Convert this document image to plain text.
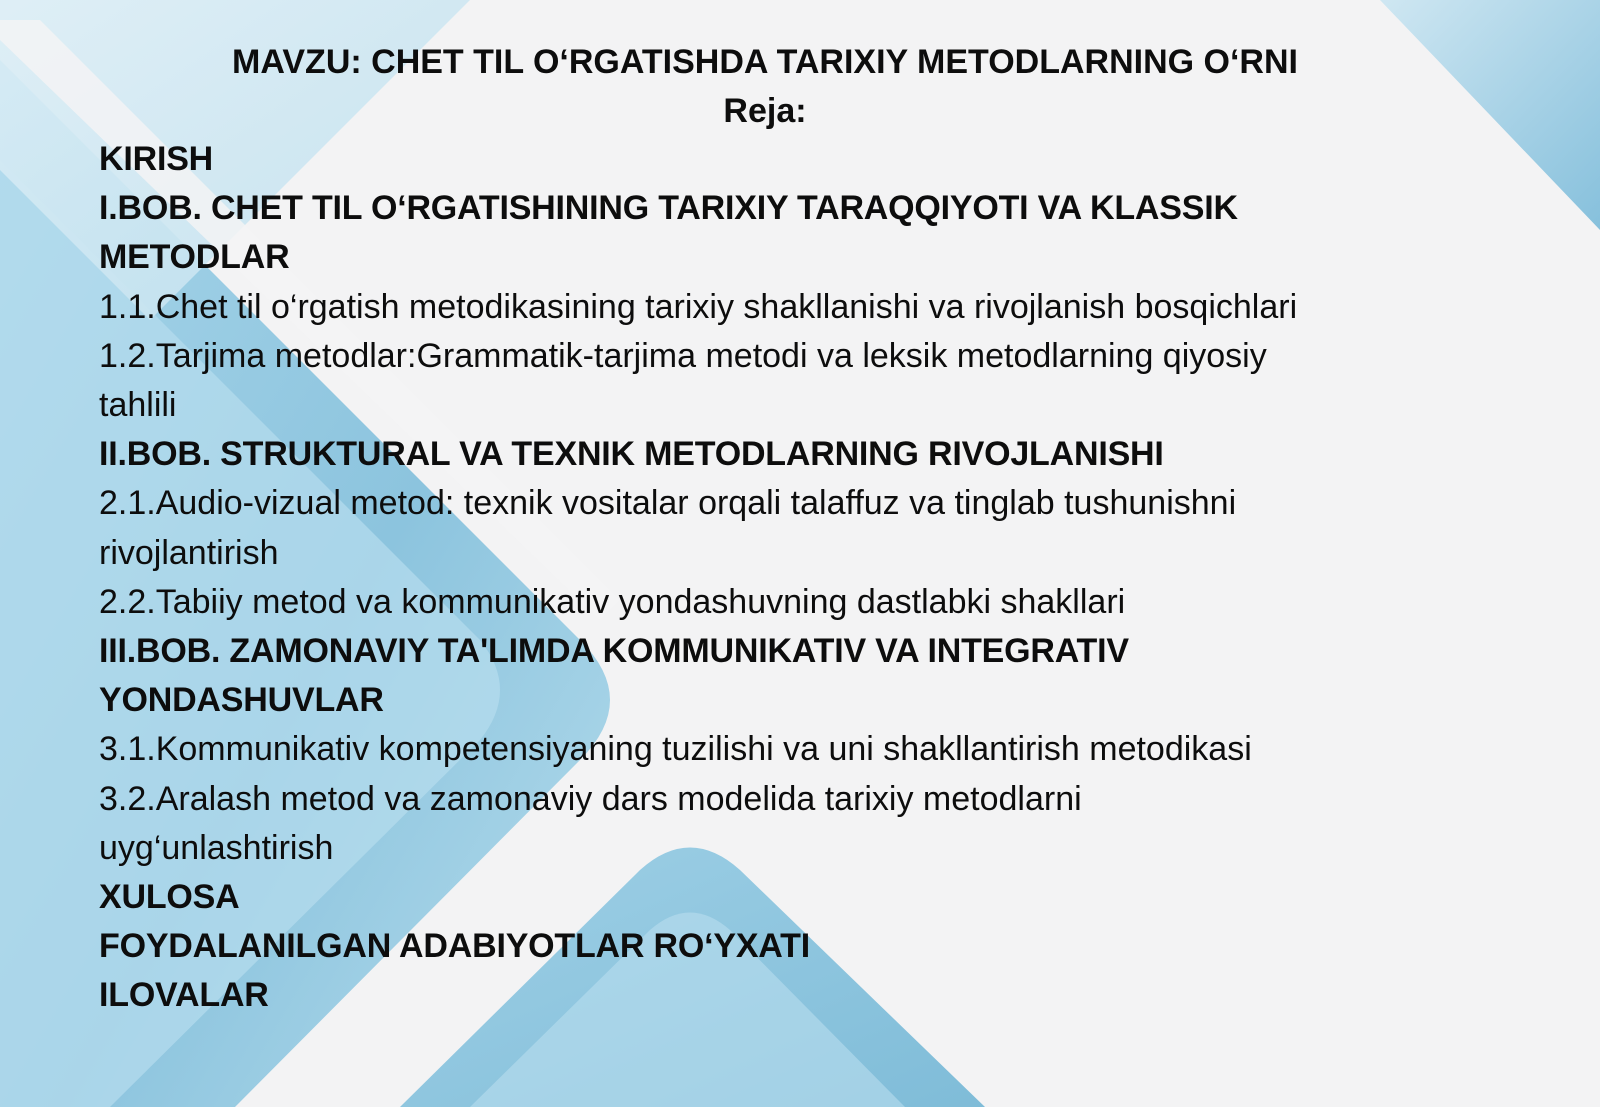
MAVZU: CHET TIL O‘RGATISHDA TARIXIY METODLARNING O‘RNI
Reja:
KIRISH
I.BOB. CHET TIL O‘RGATISHINING TARIXIY TARAQQIYOTI VA KLASSIK
METODLAR
1.1.Chet til o‘rgatish metodikasining tarixiy shakllanishi va rivojlanish bosqichlari
1.2.Tarjima metodlar:Grammatik-tarjima metodi va leksik metodlarning qiyosiy
tahlili
II.BOB. STRUKTURAL VA TEXNIK METODLARNING RIVOJLANISHI
2.1.Audio-vizual metod: texnik vositalar orqali talaffuz va tinglab tushunishni
rivojlantirish
2.2.Tabiiy metod va kommunikativ yondashuvning dastlabki shakllari
III.BOB. ZAMONAVIY TA'LIMDA KOMMUNIKATIV VA INTEGRATIV
YONDASHUVLAR
3.1.Kommunikativ kompetensiyaning tuzilishi va uni shakllantirish metodikasi
3.2.Aralash metod va zamonaviy dars modelida tarixiy metodlarni
uyg‘unlashtirish
XULOSA
FOYDALANILGAN ADABIYOTLAR RO‘YXATI
ILOVALAR
